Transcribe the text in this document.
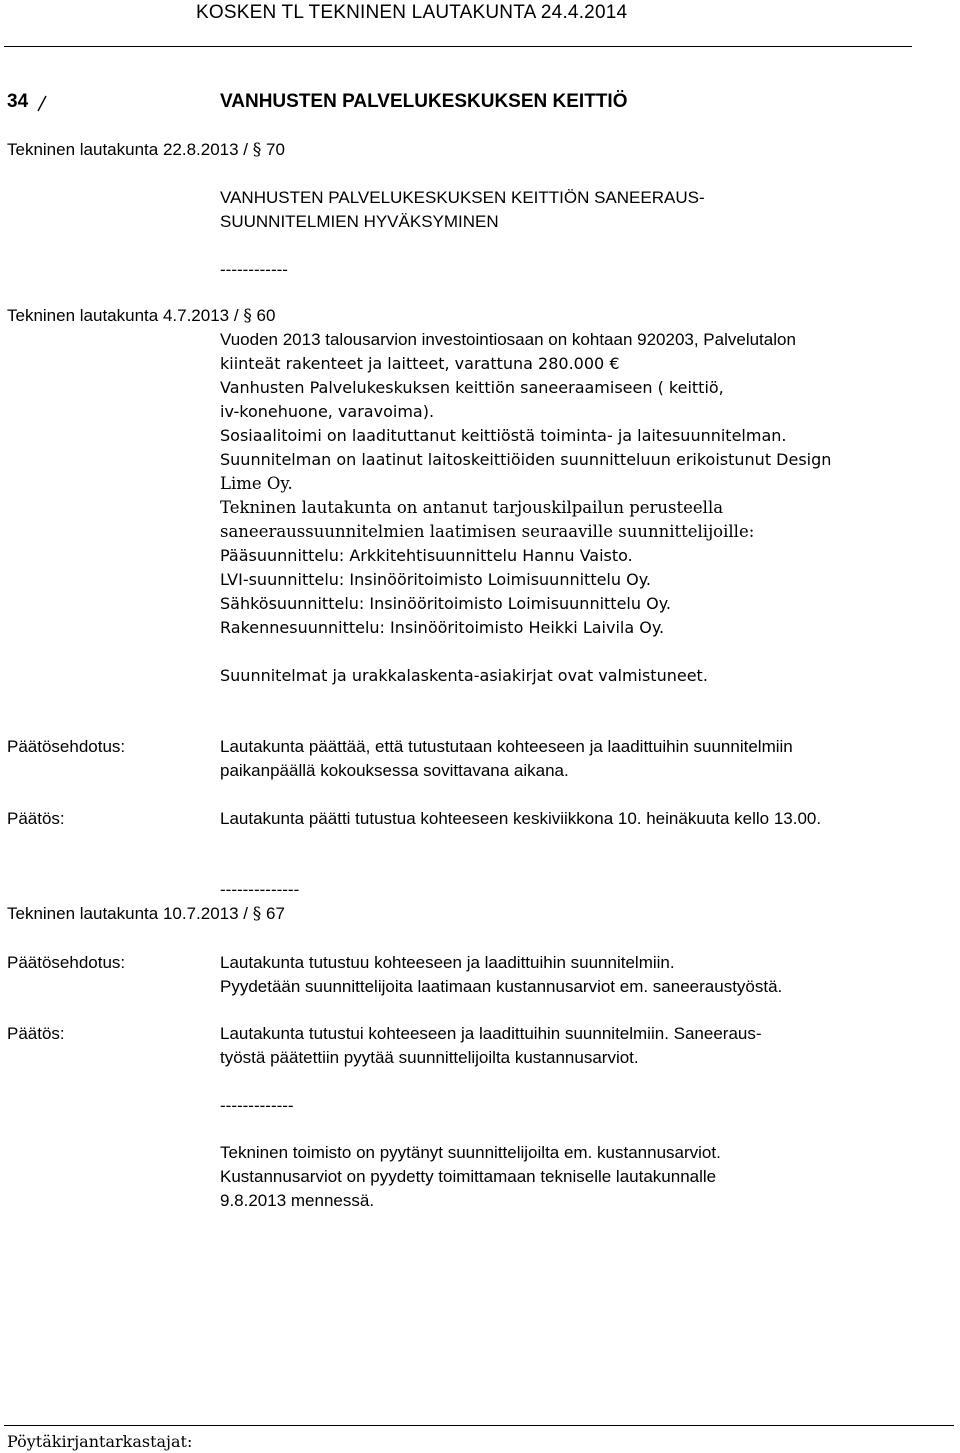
KOSKEN TL TEKNINEN LAUTAKUNTA 24.4.2014
34	VANHUSTEN PALVELUKESKUKSEN KEITTIÖ
Tekninen lautakunta 22.8.2013 / § 70
VANHUSTEN PALVELUKESKUKSEN KEITTIÖN SANEERAUS-
SUUNNITELMIEN HYVÄKSYMINEN
------------
Tekninen lautakunta 4.7.2013 / § 60
Vuoden 2013 talousarvion investointiosaan on kohtaan 920203, Palvelutalon
kiinteät rakenteet ja laitteet, varattuna 280.000 €
Vanhusten Palvelukeskuksen keittiön saneeraamiseen ( keittiö,
iv-konehuone, varavoima).
Sosiaalitoimi on laadituttanut keittiöstä toiminta- ja laitesuunnitelman.
Suunnitelman on laatinut laitoskeittiöiden suunnitteluun erikoistunut Design
Lime Oy.
Tekninen lautakunta on antanut tarjouskilpailun perusteella
saneeraussuunnitelmien laatimisen seuraaville suunnittelijoille:
Pääsuunnittelu: Arkkitehtisuunnittelu Hannu Vaisto.
LVI-suunnittelu: Insinööritoimisto Loimisuunnittelu Oy.
Sähkösuunnittelu: Insinööritoimisto Loimisuunnittelu Oy.
Rakennesuunnittelu: Insinööritoimisto Heikki Laivila Oy.
Suunnitelmat ja urakkalaskenta-asiakirjat ovat valmistuneet.
Päätösehdotus:	Lautakunta päättää, että tutustutaan kohteeseen ja laadittuihin suunnitelmiin
paikanpäällä kokouksessa sovittavana aikana.
Päätös:	Lautakunta päätti tutustua kohteeseen keskiviikkona 10. heinäkuuta kello 13.00.
--------------
Tekninen lautakunta 10.7.2013 / § 67
Päätösehdotus:	Lautakunta tutustuu kohteeseen ja laadittuihin suunnitelmiin.
Pyydetään suunnittelijoita laatimaan kustannusarviot em. saneeraustyöstä.
Päätös:	Lautakunta tutustui kohteeseen ja laadittuihin suunnitelmiin. Saneeraus-
työstä päätettiin pyytää suunnittelijoilta kustannusarviot.
-------------
Tekninen toimisto on pyytänyt suunnittelijoilta em. kustannusarviot.
Kustannusarviot on pyydetty toimittamaan tekniselle lautakunnalle
9.8.2013 mennessä.
Pöytäkirjantarkastajat:
